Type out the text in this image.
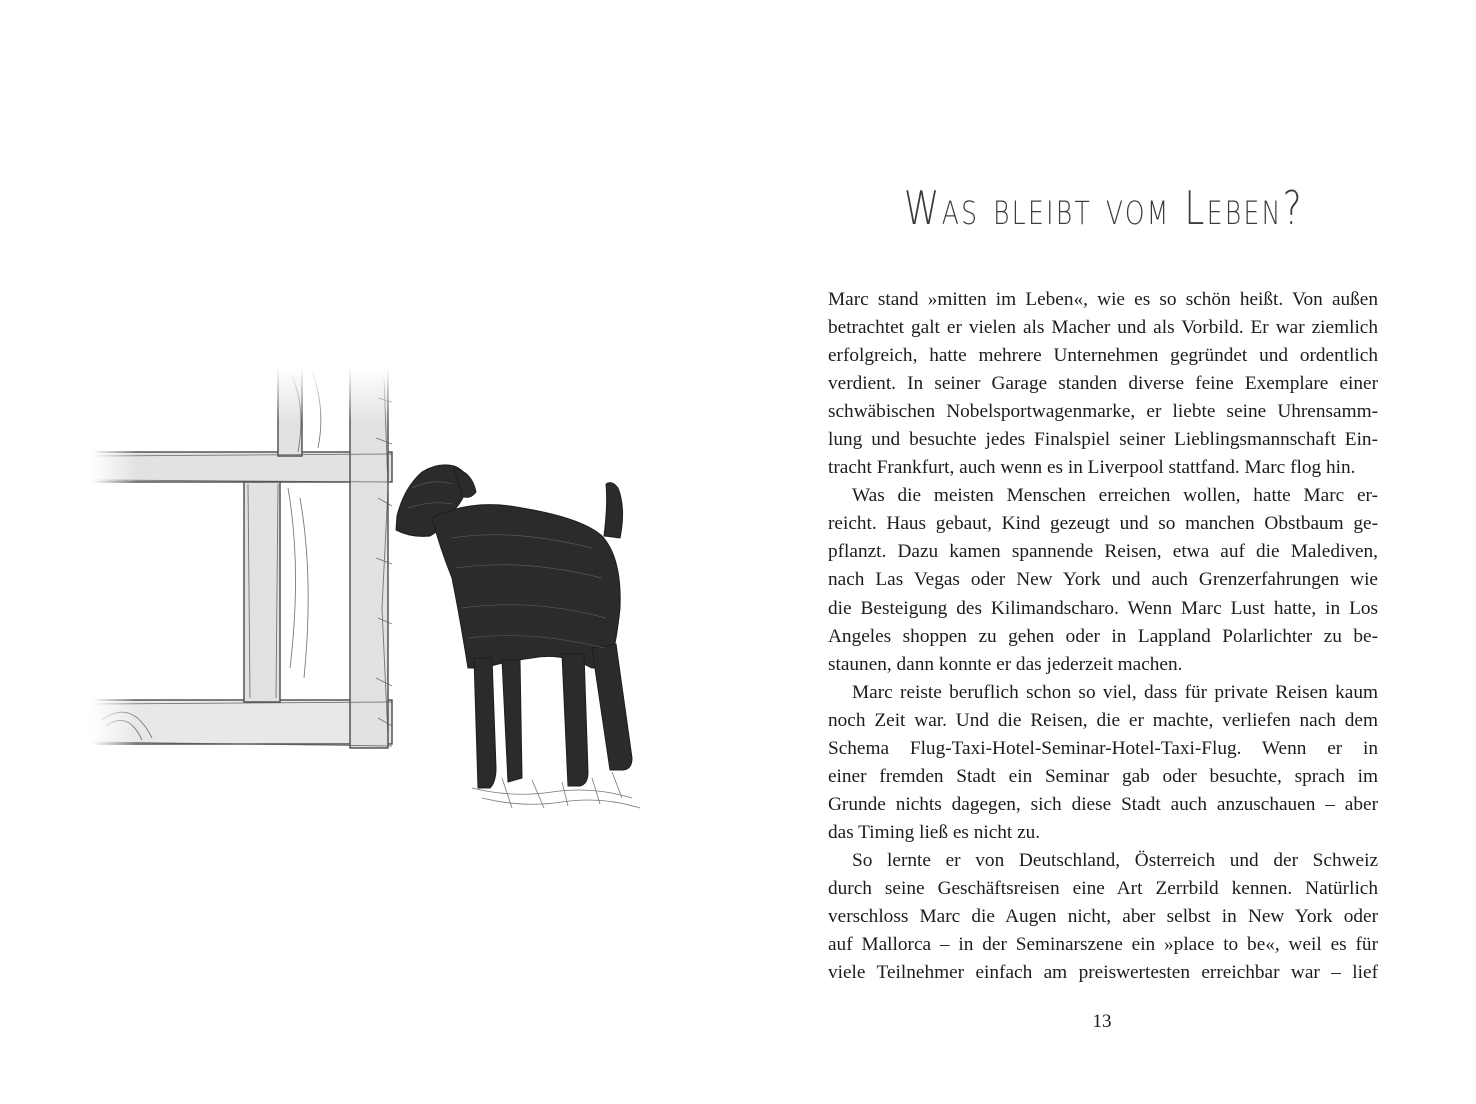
Was bleibt vom Leben?
Marc stand »mitten im Leben«, wie es so schön heißt. Von außen
betrachtet galt er vielen als Macher und als Vorbild. Er war ziemlich
erfolgreich, hatte mehrere Unternehmen gegründet und ordentlich
verdient. In seiner Garage standen diverse feine Exemplare einer
schwäbischen Nobelsportwagenmarke, er liebte seine Uhrensamm-
lung und besuchte jedes Finalspiel seiner Lieblingsmannschaft Ein-
tracht Frankfurt, auch wenn es in Liverpool stattfand. Marc flog hin.
Was die meisten Menschen erreichen wollen, hatte Marc er-
reicht. Haus gebaut, Kind gezeugt und so manchen Obstbaum ge-
pflanzt. Dazu kamen spannende Reisen, etwa auf die Malediven,
nach Las Vegas oder New York und auch Grenzerfahrungen wie
die Besteigung des Kilimandscharo. Wenn Marc Lust hatte, in Los
Angeles shoppen zu gehen oder in Lappland Polarlichter zu be-
staunen, dann konnte er das jederzeit machen.
Marc reiste beruflich schon so viel, dass für private Reisen kaum
noch Zeit war. Und die Reisen, die er machte, verliefen nach dem
Schema Flug-Taxi-Hotel-Seminar-Hotel-Taxi-Flug. Wenn er in
einer fremden Stadt ein Seminar gab oder besuchte, sprach im
Grunde nichts dagegen, sich diese Stadt auch anzuschauen – aber
das Timing ließ es nicht zu.
So lernte er von Deutschland, Österreich und der Schweiz
durch seine Geschäftsreisen eine Art Zerrbild kennen. Natürlich
verschloss Marc die Augen nicht, aber selbst in New York oder
auf Mallorca – in der Seminarszene ein »place to be«, weil es für
viele Teilnehmer einfach am preiswertesten erreichbar war – lief
13
